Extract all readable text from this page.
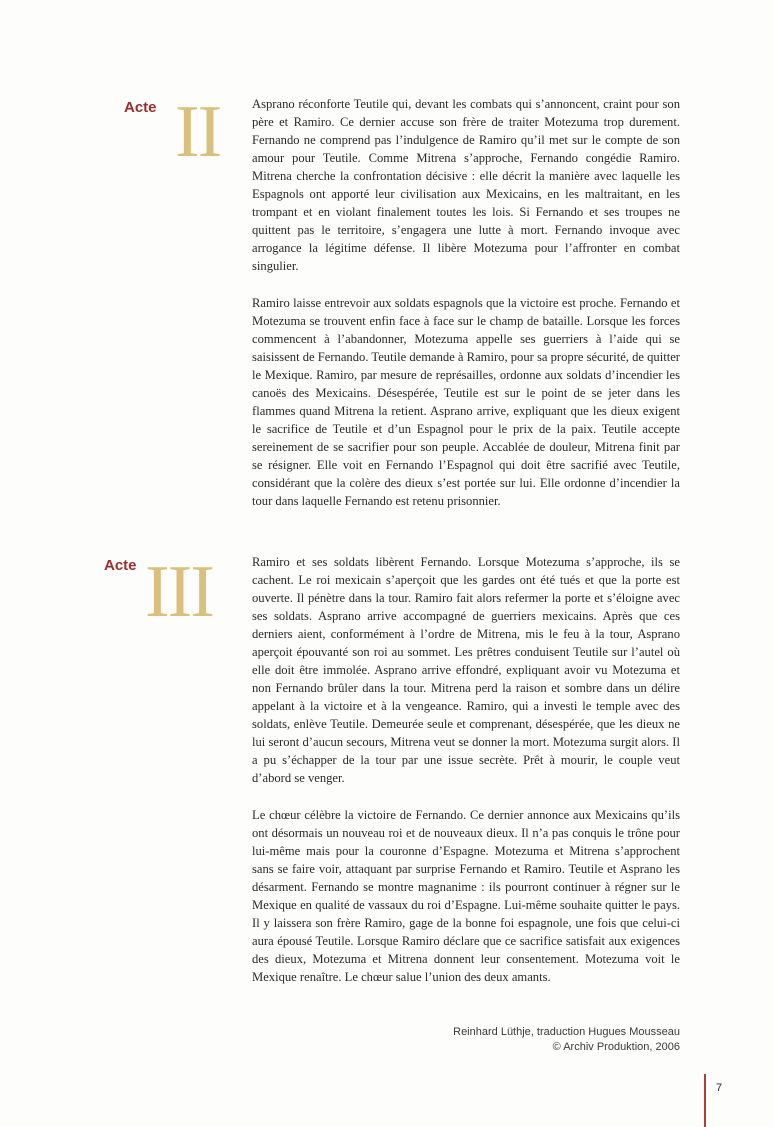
Acte II	Asprano réconforte Teutile qui, devant les combats qui s’annoncent, craint pour son père et Ramiro. Ce dernier accuse son frère de traiter Motezuma trop durement. Fernando ne comprend pas l’indulgence de Ramiro qu’il met sur le compte de son amour pour Teutile. Comme Mitrena s’approche, Fernando congédie Ramiro. Mitrena cherche la confrontation décisive : elle décrit la manière avec laquelle les Espagnols ont apporté leur civilisation aux Mexicains, en les maltraitant, en les trompant et en violant finalement toutes les lois. Si Fernando et ses troupes ne quittent pas le territoire, s’engagera une lutte à mort. Fernando invoque avec arrogance la légitime défense. Il libère Motezuma pour l’affronter en combat singulier.

Ramiro laisse entrevoir aux soldats espagnols que la victoire est proche. Fernando et Motezuma se trouvent enfin face à face sur le champ de bataille. Lorsque les forces commencent à l’abandonner, Motezuma appelle ses guerriers à l’aide qui se saisissent de Fernando. Teutile demande à Ramiro, pour sa propre sécurité, de quitter le Mexique. Ramiro, par mesure de représailles, ordonne aux soldats d’incendier les canoës des Mexicains. Désespérée, Teutile est sur le point de se jeter dans les flammes quand Mitrena la retient. Asprano arrive, expliquant que les dieux exigent le sacrifice de Teutile et d’un Espagnol pour le prix de la paix. Teutile accepte sereinement de se sacrifier pour son peuple. Accablée de douleur, Mitrena finit par se résigner. Elle voit en Fernando l’Espagnol qui doit être sacrifié avec Teutile, considérant que la colère des dieux s’est portée sur lui. Elle ordonne d’incendier la tour dans laquelle Fernando est retenu prisonnier.

Acte III	Ramiro et ses soldats libèrent Fernando. Lorsque Motezuma s’approche, ils se cachent. Le roi mexicain s’aperçoit que les gardes ont été tués et que la porte est ouverte. Il pénètre dans la tour. Ramiro fait alors refermer la porte et s’éloigne avec ses soldats. Asprano arrive accompagné de guerriers mexicains. Après que ces derniers aient, conformément à l’ordre de Mitrena, mis le feu à la tour, Asprano aperçoit épouvanté son roi au sommet. Les prêtres conduisent Teutile sur l’autel où elle doit être immolée. Asprano arrive effondré, expliquant avoir vu Motezuma et non Fernando brûler dans la tour. Mitrena perd la raison et sombre dans un délire appelant à la victoire et à la vengeance. Ramiro, qui a investi le temple avec des soldats, enlève Teutile. Demeurée seule et comprenant, désespérée, que les dieux ne lui seront d’aucun secours, Mitrena veut se donner la mort. Motezuma surgit alors. Il a pu s’échapper de la tour par une issue secrète. Prêt à mourir, le couple veut d’abord se venger.

Le chœur célèbre la victoire de Fernando. Ce dernier annonce aux Mexicains qu’ils ont désormais un nouveau roi et de nouveaux dieux. Il n’a pas conquis le trône pour lui-même mais pour la couronne d’Espagne. Motezuma et Mitrena s’approchent sans se faire voir, attaquant par surprise Fernando et Ramiro. Teutile et Asprano les désarment. Fernando se montre magnanime : ils pourront continuer à régner sur le Mexique en qualité de vassaux du roi d’Espagne. Lui-même souhaite quitter le pays. Il y laissera son frère Ramiro, gage de la bonne foi espagnole, une fois que celui-ci aura épousé Teutile. Lorsque Ramiro déclare que ce sacrifice satisfait aux exigences des dieux, Motezuma et Mitrena donnent leur consentement. Motezuma voit le Mexique renaître. Le chœur salue l’union des deux amants.

Reinhard Lüthje, traduction Hugues Mousseau
© Archiv Produktion, 2006
7
